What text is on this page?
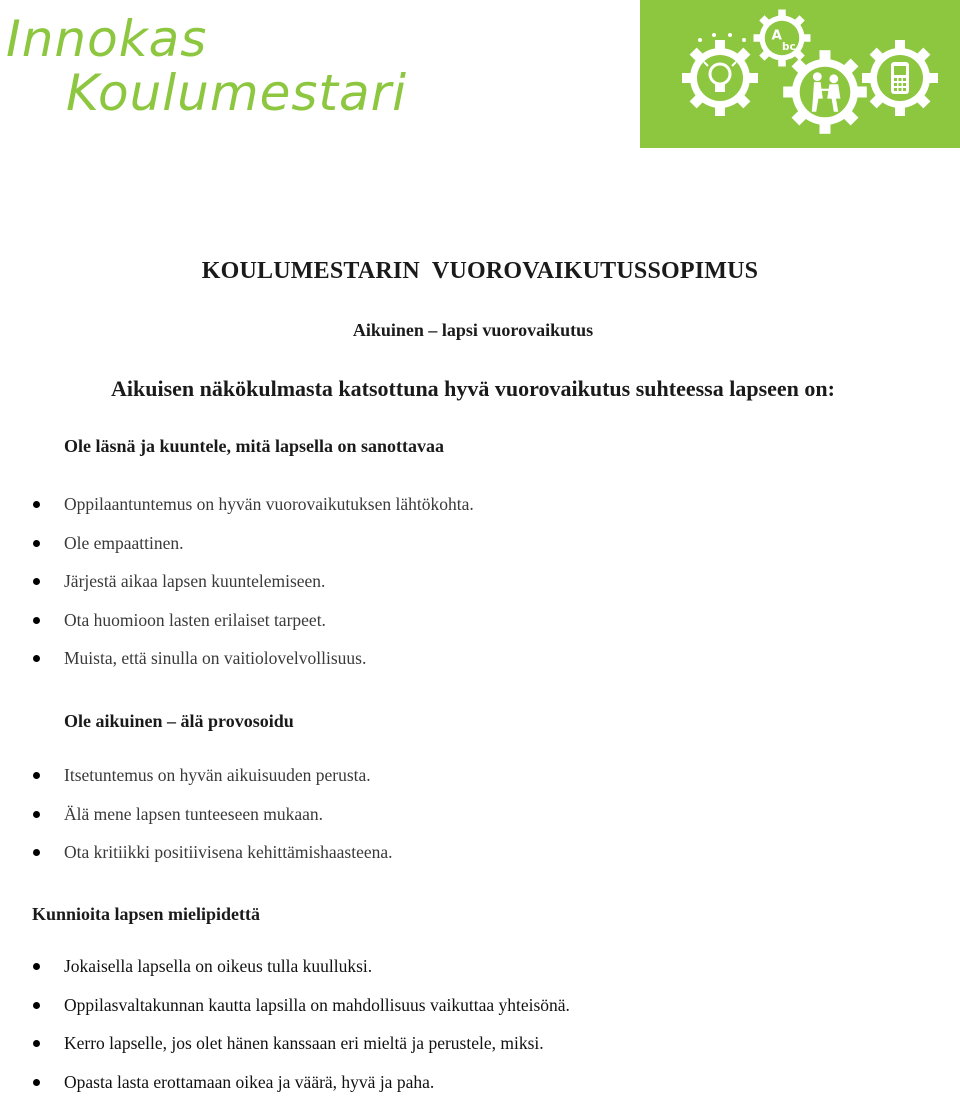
Innokas
Koulumestari
A
bc
KOULUMESTARIN  VUOROVAIKUTUSSOPIMUS
Aikuinen – lapsi vuorovaikutus
Aikuisen näkökulmasta katsottuna hyvä vuorovaikutus suhteessa lapseen on:
Ole läsnä ja kuuntele, mitä lapsella on sanottavaa
Oppilaantuntemus on hyvän vuorovaikutuksen lähtökohta.
Ole empaattinen.
Järjestä aikaa lapsen kuuntelemiseen.
Ota huomioon lasten erilaiset tarpeet.
Muista, että sinulla on vaitiolovelvollisuus.
Ole aikuinen – älä provosoidu
Itsetuntemus on hyvän aikuisuuden perusta.
Älä mene lapsen tunteeseen mukaan.
Ota kritiikki positiivisena kehittämishaasteena.
Kunnioita lapsen mielipidettä
Jokaisella lapsella on oikeus tulla kuulluksi.
Oppilasvaltakunnan kautta lapsilla on mahdollisuus vaikuttaa yhteisönä.
Kerro lapselle, jos olet hänen kanssaan eri mieltä ja perustele, miksi.
Opasta lasta erottamaan oikea ja väärä, hyvä ja paha.
